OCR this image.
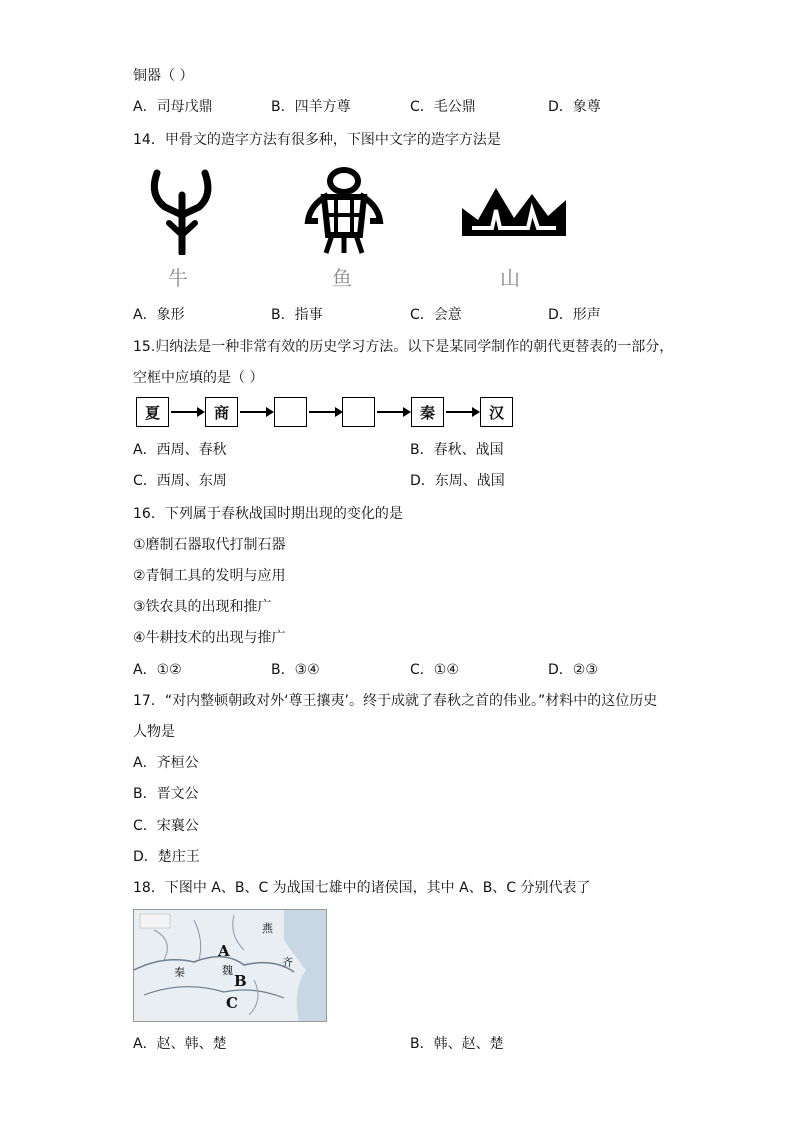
铜器（ ）
A．司母戊鼎	B．四羊方尊	C．毛公鼎	D．象尊
14．甲骨文的造字方法有很多种，下图中文字的造字方法是
牛	鱼	山
A．象形	B．指事	C．会意	D．形声
15.归纳法是一种非常有效的历史学习方法。以下是某同学制作的朝代更替表的一部分，
空框中应填的是（ ）
夏	商	秦	汉
A．西周、春秋	B．春秋、战国
C．西周、东周	D．东周、战国
16．下列属于春秋战国时期出现的变化的是
①磨制石器取代打制石器
②青铜工具的发明与应用
③铁农具的出现和推广
④牛耕技术的出现与推广
A．①②	B．③④	C．①④	D．②③
17．“对内整顿朝政对外‘尊王攘夷’。终于成就了春秋之首的伟业。”材料中的这位历史
人物是
A．齐桓公
B．晋文公
C．宋襄公
D．楚庄王
18．下图中 A、B、C 为战国七雄中的诸侯国，其中 A、B、C 分别代表了
A
B
C
燕
齐
秦	魏
A．赵、韩、楚	B．韩、赵、楚
